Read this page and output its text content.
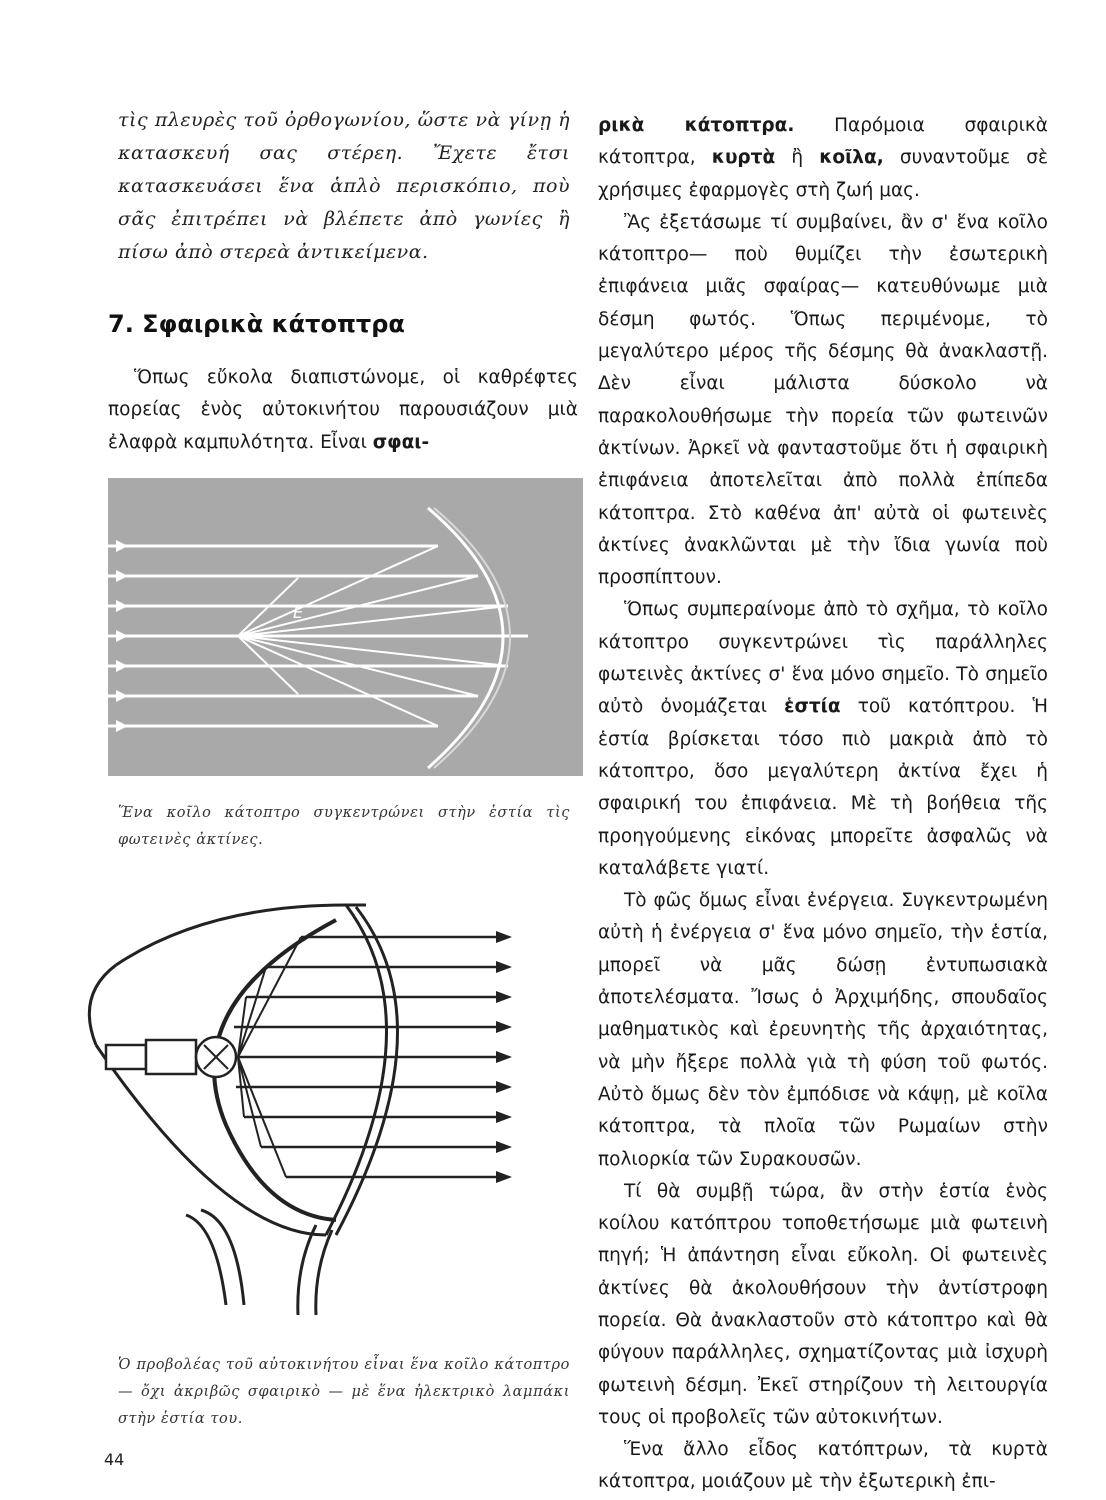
τὶς πλευρὲς τοῦ ὀρθογωνίου, ὥστε νὰ γίνῃ ἡ κατασκευή σας στέρεη. Ἔχετε ἔτσι κατασκευάσει ἕνα ἁπλὸ περισκόπιο, ποὺ σᾶς ἐπιτρέπει νὰ βλέπετε ἀπὸ γωνίες ἢ πίσω ἀπὸ στερεὰ ἀντικείμενα.
7. Σφαιρικὰ κάτοπτρα

Ὅπως εὔκολα διαπιστώνομε, οἱ καθρέφτες πορείας ἑνὸς αὐτοκινήτου παρουσιάζουν μιὰ ἐλαφρὰ καμπυλότητα. Εἶναι σφαι-

E
Ἕνα κοῖλο κάτοπτρο συγκεντρώνει στὴν ἑστία τὶς φωτεινὲς ἀκτίνες.
Ὁ προβολέας τοῦ αὐτοκινήτου εἶναι ἕνα κοῖλο κάτοπτρο — ὄχι ἀκριβῶς σφαιρικὸ — μὲ ἕνα ἠλεκτρικὸ λαμπάκι στὴν ἑστία του.
44

ρικὰ κάτοπτρα. Παρόμοια σφαιρικὰ κάτοπτρα, κυρτὰ ἢ κοῖλα, συναντοῦμε σὲ χρήσιμες ἐφαρμογὲς στὴ ζωή μας.

Ἂς ἐξετάσωμε τί συμβαίνει, ἂν σ' ἕνα κοῖλο κάτοπτρο— ποὺ θυμίζει τὴν ἐσωτερικὴ ἐπιφάνεια μιᾶς σφαίρας— κατευθύνωμε μιὰ δέσμη φωτός. Ὅπως περιμένομε, τὸ μεγαλύτερο μέρος τῆς δέσμης θὰ ἀνακλαστῇ. Δὲν εἶναι μάλιστα δύσκολο νὰ παρακολουθήσωμε τὴν πορεία τῶν φωτεινῶν ἀκτίνων. Ἀρκεῖ νὰ φανταστοῦμε ὅτι ἡ σφαιρικὴ ἐπιφάνεια ἀποτελεῖται ἀπὸ πολλὰ ἐπίπεδα κάτοπτρα. Στὸ καθένα ἀπ' αὐτὰ οἱ φωτεινὲς ἀκτίνες ἀνακλῶνται μὲ τὴν ἴδια γωνία ποὺ προσπίπτουν.

Ὅπως συμπεραίνομε ἀπὸ τὸ σχῆμα, τὸ κοῖλο κάτοπτρο συγκεντρώνει τὶς παράλληλες φωτεινὲς ἀκτίνες σ' ἕνα μόνο σημεῖο. Τὸ σημεῖο αὐτὸ ὀνομάζεται ἑστία τοῦ κατόπτρου. Ἡ ἑστία βρίσκεται τόσο πιὸ μακριὰ ἀπὸ τὸ κάτοπτρο, ὅσο μεγαλύτερη ἀκτίνα ἔχει ἡ σφαιρική του ἐπιφάνεια. Μὲ τὴ βοήθεια τῆς προηγούμενης εἰκόνας μπορεῖτε ἀσφαλῶς νὰ καταλάβετε γιατί.

Τὸ φῶς ὅμως εἶναι ἐνέργεια. Συγκεντρωμένη αὐτὴ ἡ ἐνέργεια σ' ἕνα μόνο σημεῖο, τὴν ἑστία, μπορεῖ νὰ μᾶς δώσῃ ἐντυπωσιακὰ ἀποτελέσματα. Ἴσως ὁ Ἀρχιμήδης, σπουδαῖος μαθηματικὸς καὶ ἐρευνητὴς τῆς ἀρχαιότητας, νὰ μὴν ἤξερε πολλὰ γιὰ τὴ φύση τοῦ φωτός. Αὐτὸ ὅμως δὲν τὸν ἐμπόδισε νὰ κάψῃ, μὲ κοῖλα κάτοπτρα, τὰ πλοῖα τῶν Ρωμαίων στὴν πολιορκία τῶν Συρακουσῶν.

Τί θὰ συμβῇ τώρα, ἂν στὴν ἑστία ἑνὸς κοίλου κατόπτρου τοποθετήσωμε μιὰ φωτεινὴ πηγή; Ἡ ἀπάντηση εἶναι εὔκολη. Οἱ φωτεινὲς ἀκτίνες θὰ ἀκολουθήσουν τὴν ἀντίστροφη πορεία. Θὰ ἀνακλαστοῦν στὸ κάτοπτρο καὶ θὰ φύγουν παράλληλες, σχηματίζοντας μιὰ ἰσχυρὴ φωτεινὴ δέσμη. Ἐκεῖ στηρίζουν τὴ λειτουργία τους οἱ προβολεῖς τῶν αὐτοκινήτων.

Ἕνα ἄλλο εἶδος κατόπτρων, τὰ κυρτὰ κάτοπτρα, μοιάζουν μὲ τὴν ἐξωτερικὴ ἐπι-
